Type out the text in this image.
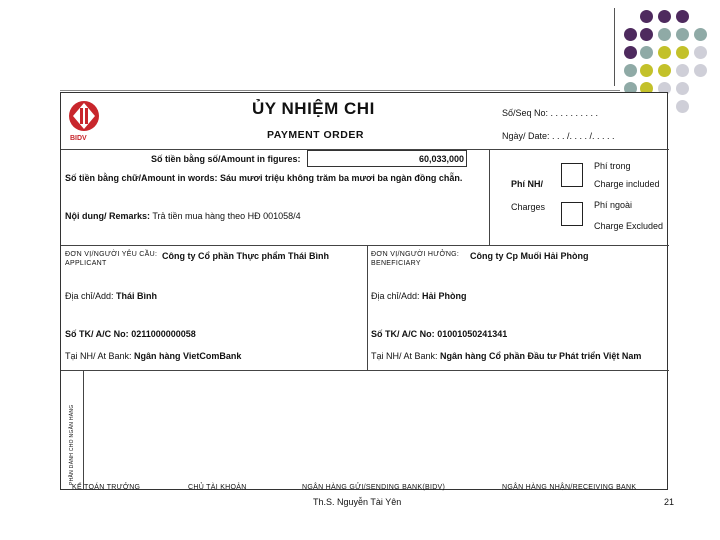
BIDV
ỦY NHIỆM CHI
PAYMENT ORDER
Số/Seq No: . . . . . . . . . .
Ngày/ Date: . . . /. . . . /. . . . .
Số tiền bằng số/Amount in figures:	60,033,000
Số tiền bằng chữ/Amount in words: Sáu mươi triệu không trăm ba mươi ba ngàn đồng chẵn.
Nội dung/ Remarks: Trả tiền mua hàng theo HĐ 001058/4
Phí NH/
Charges
Phí trong
Charge included
Phí ngoài
Charge Excluded
ĐƠN VỊ/NGƯỜI YÊU CẦU:
APPLICANT
Công ty Cổ phần Thực phẩm Thái Bình
Địa chỉ/Add: Thái Bình
Số TK/ A/C No: 0211000000058
Tại NH/ At Bank: Ngân hàng VietComBank
ĐƠN VỊ/NGƯỜI HƯỞNG:
BENEFICIARY
Công ty Cp Muối Hải Phòng
Địa chỉ/Add: Hải Phòng
Số TK/ A/C No: 01001050241341
Tại NH/ At Bank: Ngân hàng Cổ phần Đầu tư Phát triển Việt Nam
PHẦN DÀNH CHO NGÂN HÀNG
KẾ TOÁN TRƯỞNG	CHỦ TÀI KHOẢN	NGÂN HÀNG GỬI/SENDING BANK(BIDV)	NGÂN HÀNG NHẬN/RECEIVING BANK
Th.S. Nguyễn Tài Yên	21
